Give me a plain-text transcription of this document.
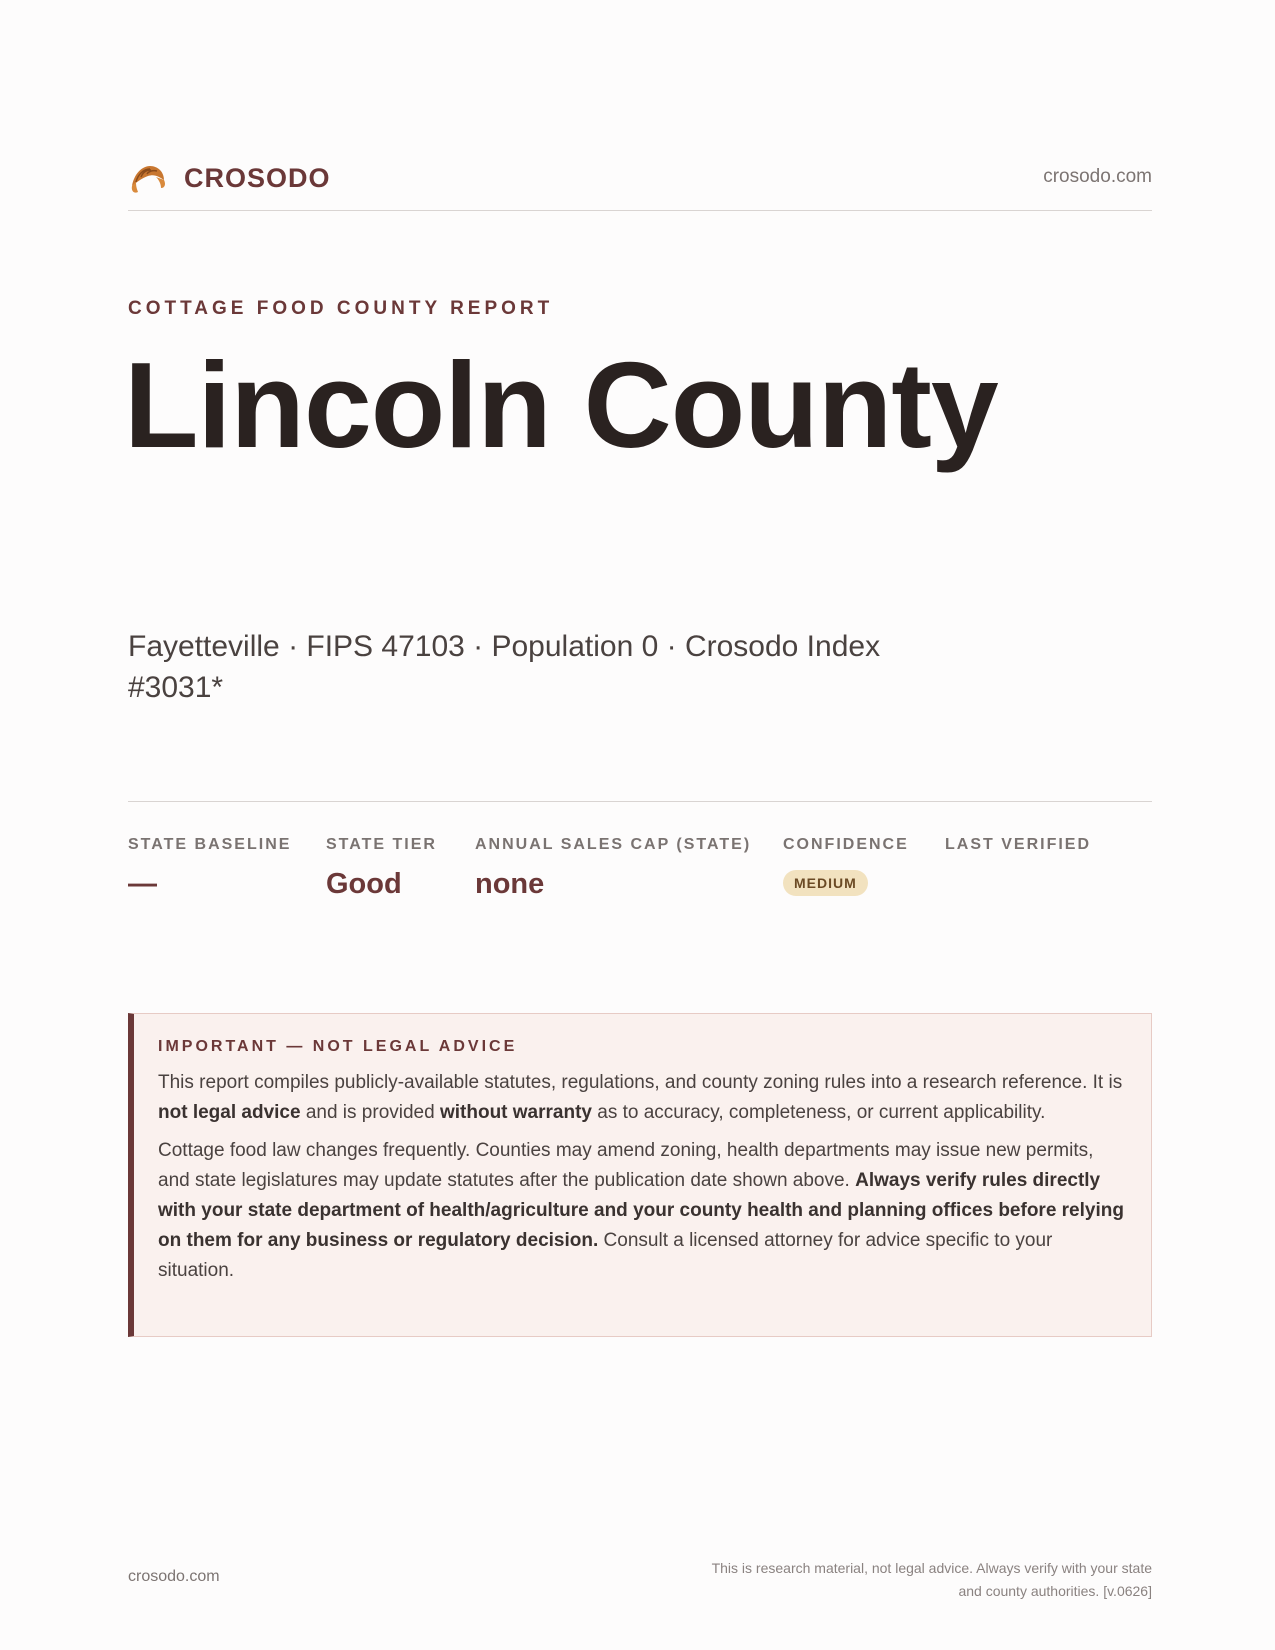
CROSODO	crosodo.com
COTTAGE FOOD COUNTY REPORT
Lincoln County
Fayetteville · FIPS 47103 · Population 0 · Crosodo Index #3031*
STATE BASELINE
—
STATE TIER
Good
ANNUAL SALES CAP (STATE)
none
CONFIDENCE
MEDIUM
LAST VERIFIED
IMPORTANT — NOT LEGAL ADVICE

This report compiles publicly-available statutes, regulations, and county zoning rules into a research reference. It is not legal advice and is provided without warranty as to accuracy, completeness, or current applicability.

Cottage food law changes frequently. Counties may amend zoning, health departments may issue new permits, and state legislatures may update statutes after the publication date shown above. Always verify rules directly with your state department of health/agriculture and your county health and planning offices before relying on them for any business or regulatory decision. Consult a licensed attorney for advice specific to your situation.

crosodo.com	This is research material, not legal advice. Always verify with your state
and county authorities. [v.0626]
